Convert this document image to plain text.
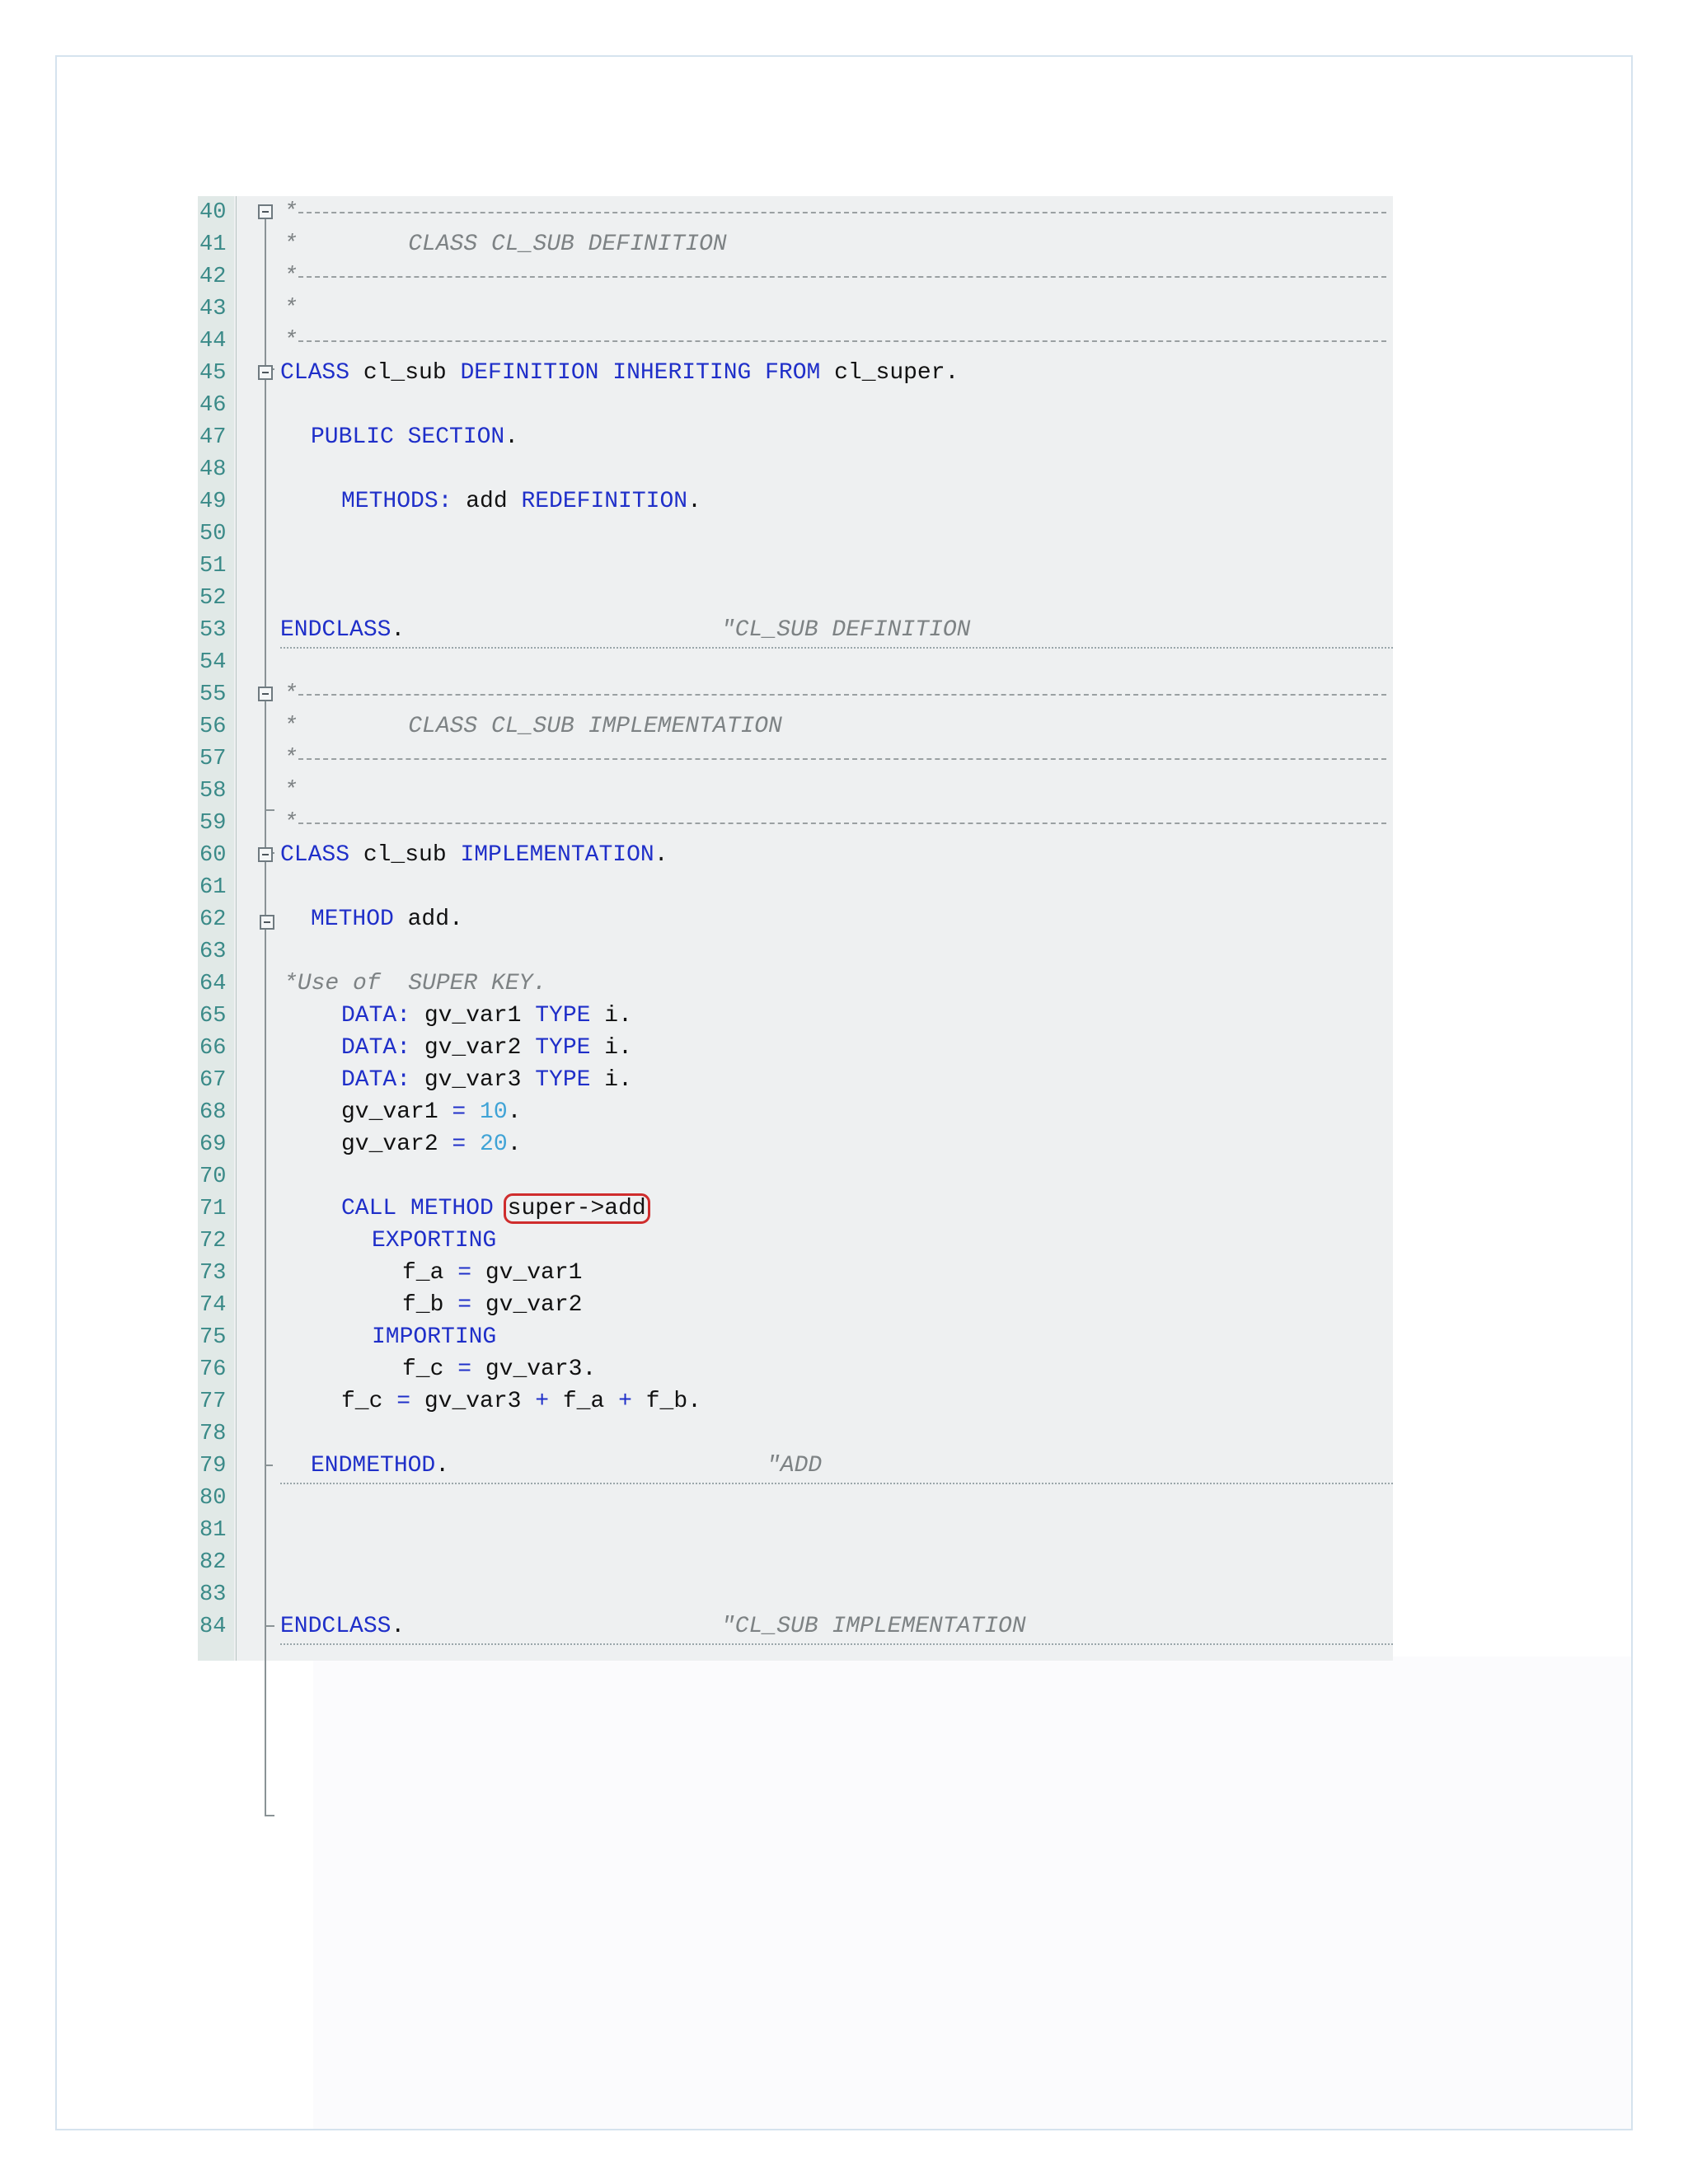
40 *
41 *        CLASS CL_SUB DEFINITION
42 *
43 *
44 *
45 CLASS cl_sub DEFINITION INHERITING FROM cl_super.
46
47	PUBLIC SECTION.
48
49	METHODS: add REDEFINITION.
50
51
52
53 ENDCLASS.	"CL_SUB DEFINITION
54
55 *
56 *        CLASS CL_SUB IMPLEMENTATION
57 *
58 *
59 *
60 CLASS cl_sub IMPLEMENTATION.
61
62	METHOD add.
63
64 *Use of  SUPER KEY.
65	DATA: gv_var1 TYPE i.
66	DATA: gv_var2 TYPE i.
67	DATA: gv_var3 TYPE i.
68	gv_var1 = 10.
69	gv_var2 = 20.
70
71	CALL METHOD super->add
72	EXPORTING
73	f_a = gv_var1
74	f_b = gv_var2
75	IMPORTING
76	f_c = gv_var3.
77	f_c = gv_var3 + f_a + f_b.
78
79	ENDMETHOD.	"ADD
80
81
82
83
84 ENDCLASS.	"CL_SUB IMPLEMENTATION
